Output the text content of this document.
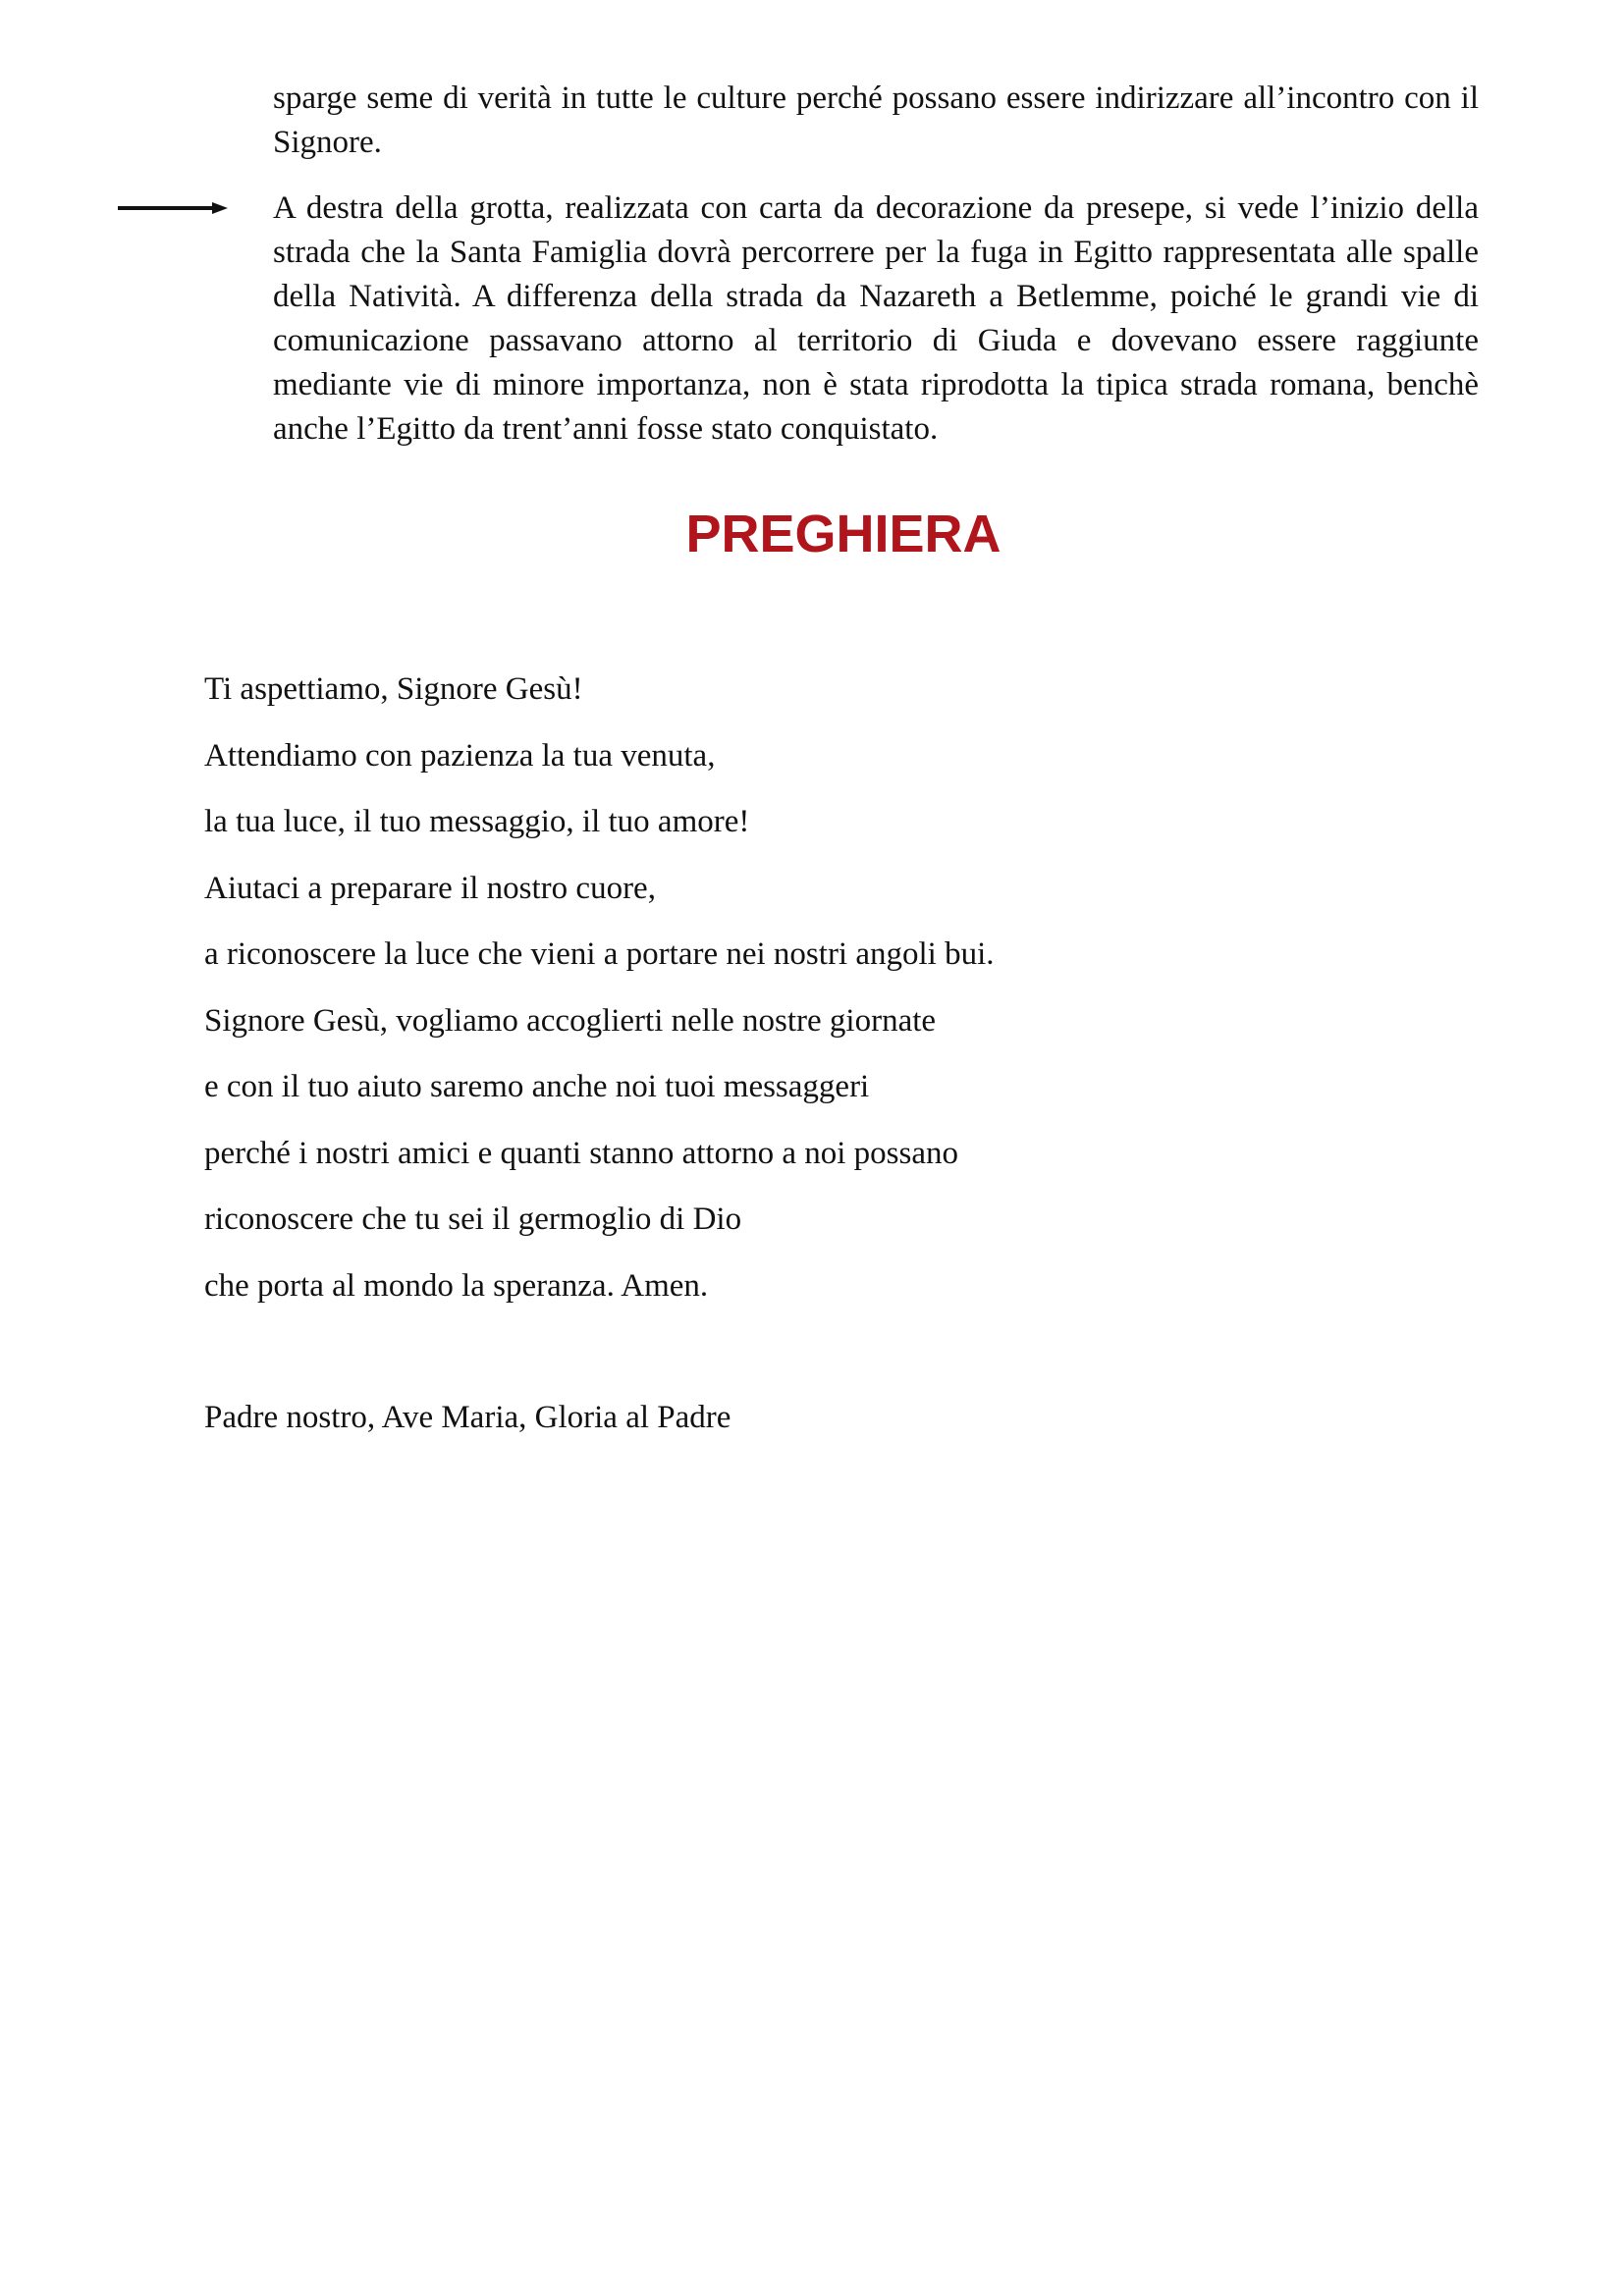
sparge seme di verità in tutte le culture perché possano essere indirizzare all’incontro con il Signore.

A destra della grotta, realizzata con carta da decorazione da presepe, si vede l’inizio della strada che la Santa Famiglia dovrà percorrere per la fuga in Egitto rappresentata alle spalle della Natività. A differenza della strada da Nazareth a Betlemme, poiché le grandi vie di comunicazione passavano attorno al territorio di Giuda e dovevano essere raggiunte mediante vie di minore importanza, non è stata riprodotta la tipica strada romana, benchè anche l’Egitto da trent’anni fosse stato conquistato.

PREGHIERA
Ti aspettiamo, Signore Gesù!
Attendiamo con pazienza la tua venuta,
la tua luce, il tuo messaggio, il tuo amore!
Aiutaci a preparare il nostro cuore,
a riconoscere la luce che vieni a portare nei nostri angoli bui.
Signore Gesù, vogliamo accoglierti nelle nostre giornate
e con il tuo aiuto saremo anche noi tuoi messaggeri
perché i nostri amici e quanti stanno attorno a noi possano
riconoscere che tu sei il germoglio di Dio
che porta al mondo la speranza. Amen.

Padre nostro, Ave Maria, Gloria al Padre
